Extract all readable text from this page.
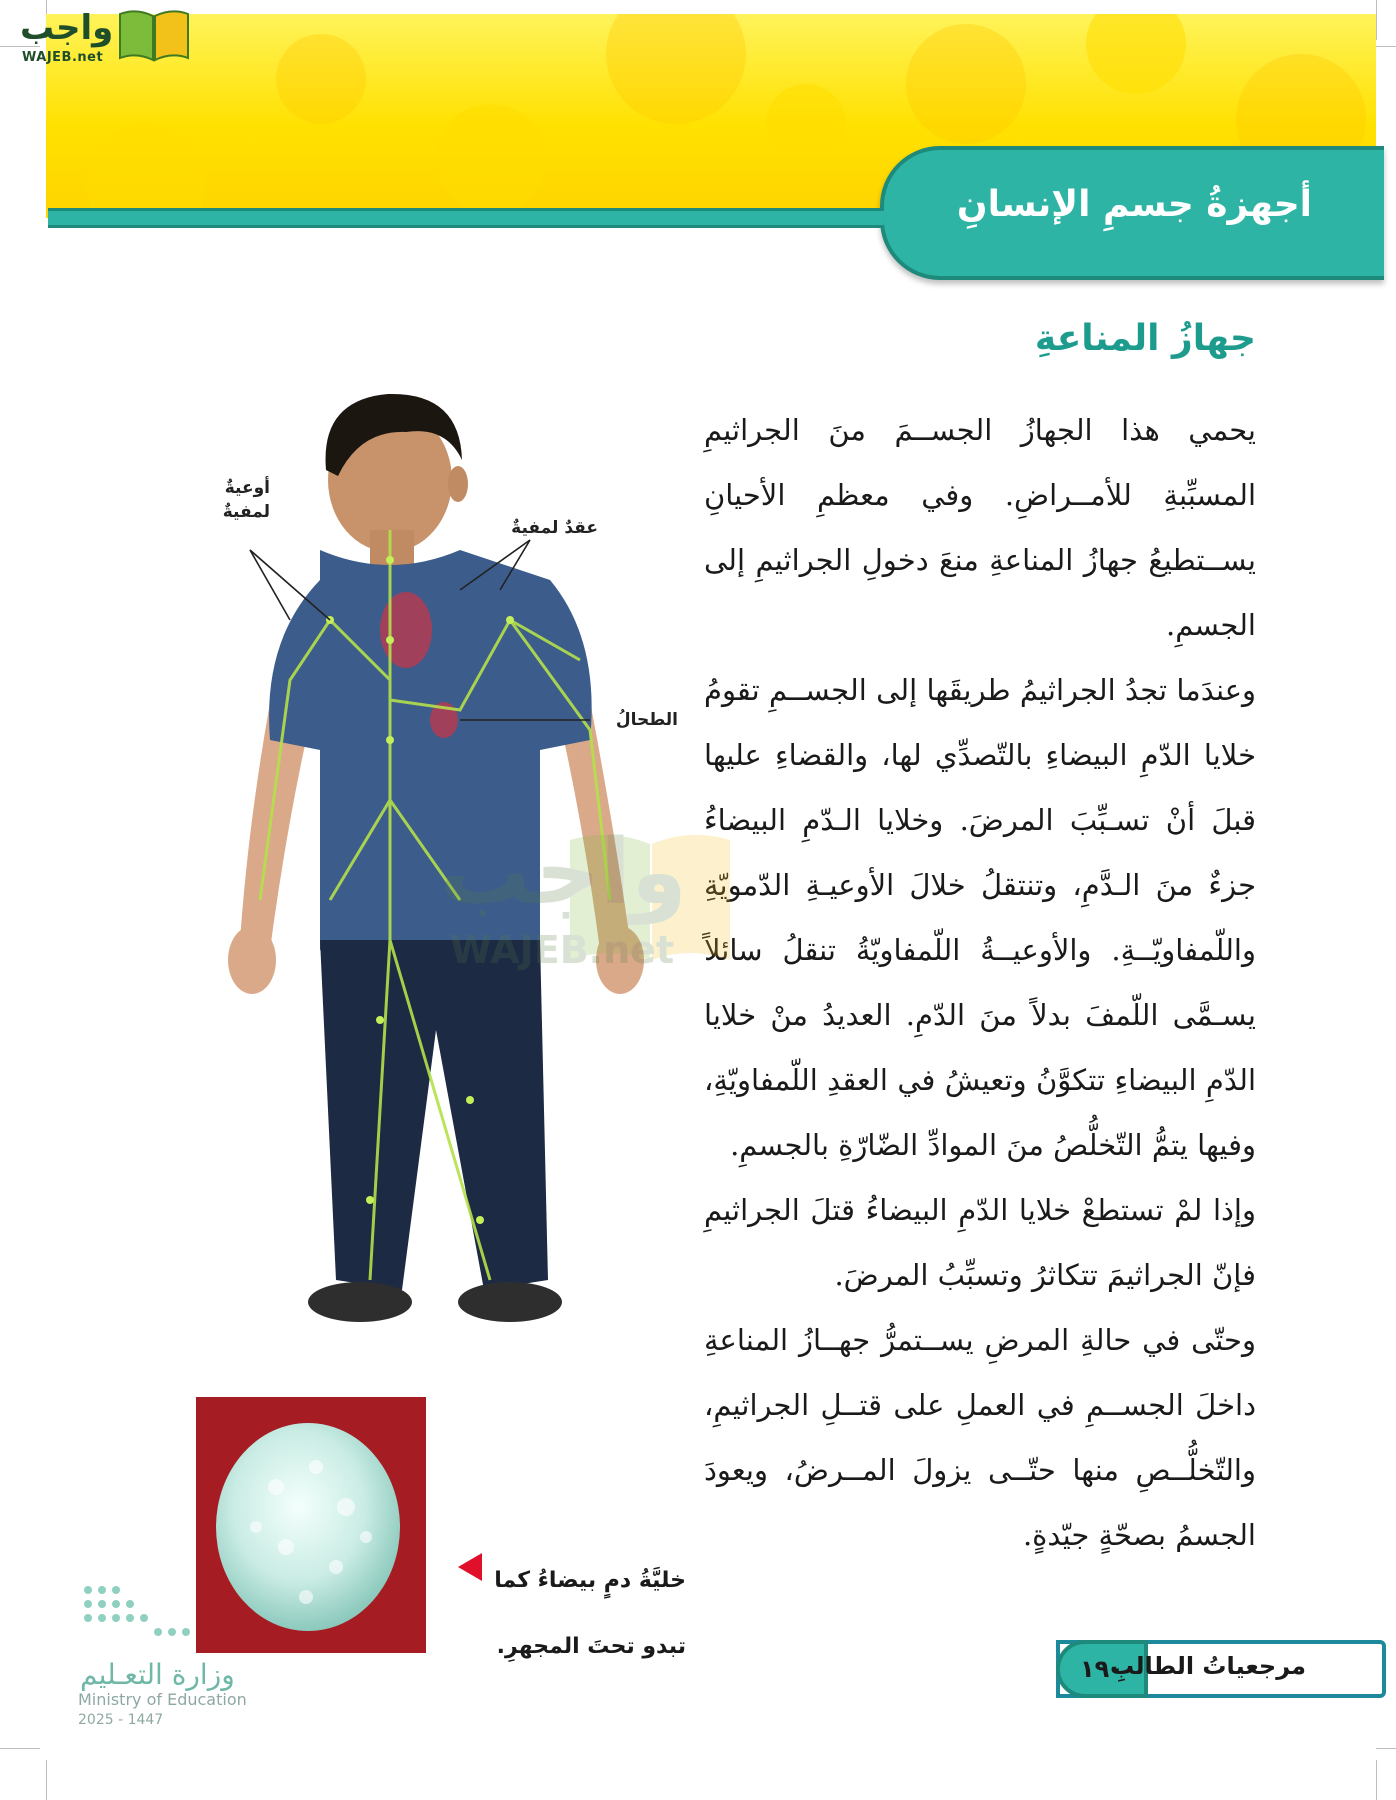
واجب
WAJEB.net
أجهزةُ جسمِ الإنسانِ
جهازُ المناعةِ

يحمي هذا الجهازُ الجســمَ منَ الجراثيمِ المسبِّبةِ للأمــراضِ. وفي معظمِ الأحيانِ يســتطيعُ جهازُ المناعةِ منعَ دخولِ الجراثيمِ إلى الجسمِ.

وعندَما تجدُ الجراثيمُ طريقَها إلى الجســمِ تقومُ خلايا الدّمِ البيضاءِ بالتّصدِّي لها، والقضاءِ عليها قبلَ أنْ تسـبِّبَ المرضَ. وخلايا الـدّمِ البيضاءُ جزءٌ منَ الـدَّمِ، وتنتقلُ خلالَ الأوعيـةِ الدّمويّةِ واللّمفاويّــةِ. والأوعيــةُ اللّمفاويّةُ تنقلُ سائلاً يسـمَّى اللّمفَ بدلاً منَ الدّمِ. العديدُ منْ خلايا الدّمِ البيضاءِ تتكوَّنُ وتعيشُ في العقدِ اللّمفاويّةِ، وفيها يتمُّ التّخلُّصُ منَ الموادِّ الضّارّةِ بالجسمِ.

وإذا لمْ تستطعْ خلايا الدّمِ البيضاءُ قتلَ الجراثيمِ فإنّ الجراثيمَ تتكاثرُ وتسبِّبُ المرضَ.

وحتّى في حالةِ المرضِ يســتمرُّ جهــازُ المناعةِ داخلَ الجســمِ في العملِ على قتــلِ الجراثيمِ، والتّخلُّــصِ منها حتّــى يزولَ المــرضُ، ويعودَ الجسمُ بصحّةٍ جيّدةٍ.

أوعيةٌ لمفيةٌ
عقدٌ لمفيةٌ
الطحالُ
واجب
WAJEB.net
خليَّةُ دمٍ بيضاءُ كما تبدو تحتَ المجهرِ.
وزارة التعـليم
Ministry of Education
2025 - 1447
١٩٠
مرجعياتُ الطالبِ
